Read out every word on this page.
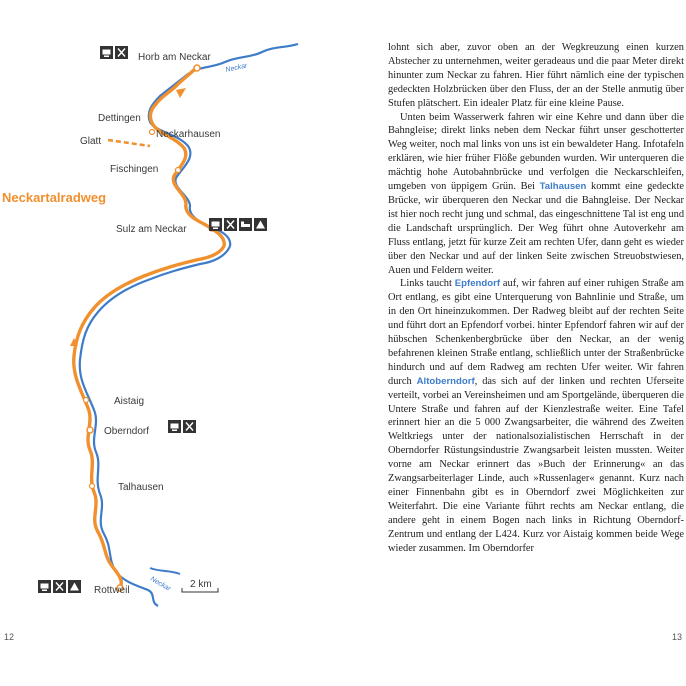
Neckartalradweg
Neckar
Neckar
Horb am Neckar
Dettingen
Glatt
Neckarhausen
Fischingen
Sulz am Neckar
Aistaig
Oberndorf
Talhausen
Rottweil
2 km

lohnt sich aber, zuvor oben an der Wegkreuzung einen kurzen Abstecher zu unternehmen, weiter geradeaus und die paar Meter direkt hinunter zum Neckar zu fahren. Hier führt nämlich eine der typischen gedeckten Holzbrücken über den Fluss, der an der Stelle anmutig über Stufen plätschert. Ein idealer Platz für eine kleine Pause.

Unten beim Wasserwerk fahren wir eine Kehre und dann über die Bahngleise; direkt links neben dem Neckar führt unser geschotterter Weg weiter, noch mal links von uns ist ein bewaldeter Hang. Infotafeln erklären, wie hier früher Flöße gebunden wurden. Wir unterqueren die mächtig hohe Autobahnbrücke und verfolgen die Neckarschleifen, umgeben von üppigem Grün. Bei Talhausen kommt eine gedeckte Brücke, wir überqueren den Neckar und die Bahngleise. Der Neckar ist hier noch recht jung und schmal, das eingeschnittene Tal ist eng und die Landschaft ursprünglich. Der Weg führt ohne Autoverkehr am Fluss entlang, jetzt für kurze Zeit am rechten Ufer, dann geht es wieder über den Neckar und auf der linken Seite zwischen Streuobstwiesen, Auen und Feldern weiter.

Links taucht Epfendorf auf, wir fahren auf einer ruhigen Straße am Ort entlang, es gibt eine Unterquerung von Bahnlinie und Straße, um in den Ort hineinzukommen. Der Radweg bleibt auf der rechten Seite und führt dort an Epfendorf vorbei. hinter Epfendorf fahren wir auf der hübschen Schenkenbergbrücke über den Neckar, an der wenig befahrenen kleinen Straße entlang, schließlich unter der Straßenbrücke hindurch und auf dem Radweg am rechten Ufer weiter. Wir fahren durch Altoberndorf, das sich auf der linken und rechten Uferseite verteilt, vorbei an Vereinsheimen und am Sportgelände, überqueren die Untere Straße und fahren auf der Kienzlestraße weiter. Eine Tafel erinnert hier an die 5 000 Zwangsarbeiter, die während des Zweiten Weltkriegs unter der nationalsozialistischen Herrschaft in der Oberndorfer Rüstungsindustrie Zwangsarbeit leisten mussten. Weiter vorne am Neckar erinnert das »Buch der Erinnerung« an das Zwangsarbeiterlager Linde, auch »Russenlager« genannt. Kurz nach einer Finnenbahn gibt es in Oberndorf zwei Möglichkeiten zur Weiterfahrt. Die eine Variante führt rechts am Neckar entlang, die andere geht in einem Bogen nach links in Richtung Oberndorf-Zentrum und entlang der L424. Kurz vor Aistaig kommen beide Wege wieder zusammen. Im Oberndorfer

12	13
